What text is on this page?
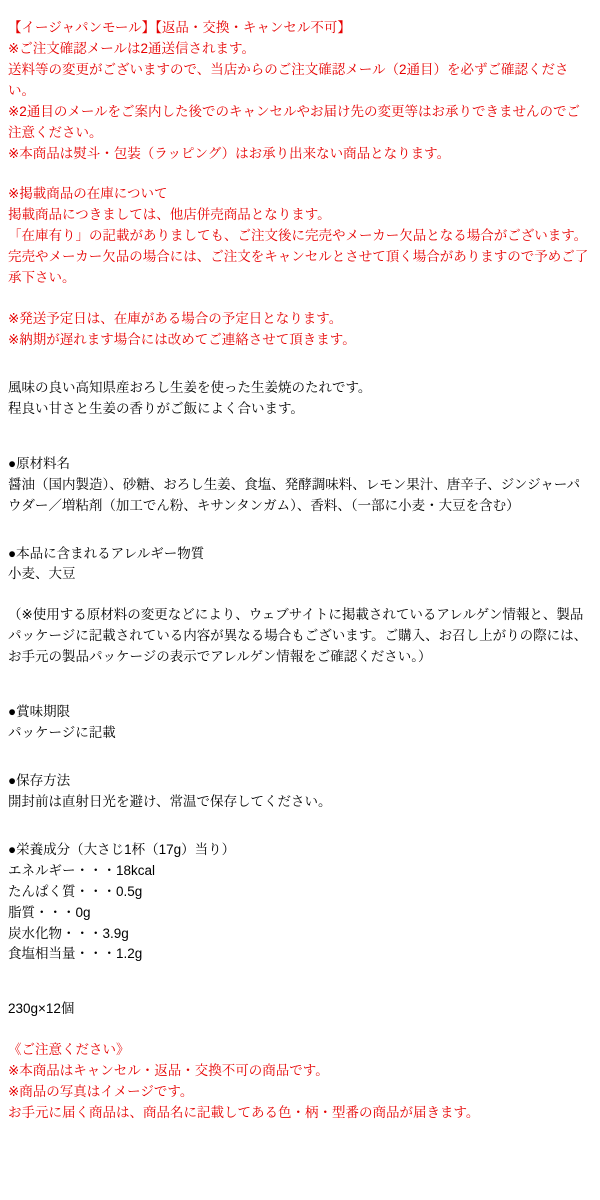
【イージャパンモール】【返品・交換・キャンセル不可】
※ご注文確認メールは2通送信されます。
送料等の変更がございますので、当店からのご注文確認メール（2通目）を必ずご確認ください。
※2通目のメールをご案内した後でのキャンセルやお届け先の変更等はお承りできませんのでご注意ください。
※本商品は熨斗・包装（ラッピング）はお承り出来ない商品となります。
※掲載商品の在庫について
掲載商品につきましては、他店併売商品となります。
「在庫有り」の記載がありましても、ご注文後に完売やメーカー欠品となる場合がございます。
完売やメーカー欠品の場合には、ご注文をキャンセルとさせて頂く場合がありますので予めご了承下さい。
※発送予定日は、在庫がある場合の予定日となります。
※納期が遅れます場合には改めてご連絡させて頂きます。
風味の良い高知県産おろし生姜を使った生姜焼のたれです。
程良い甘さと生姜の香りがご飯によく合います。
●原材料名
醤油（国内製造）、砂糖、おろし生姜、食塩、発酵調味料、レモン果汁、唐辛子、ジンジャーパウダー／増粘剤（加工でん粉、キサンタンガム）、香料、（一部に小麦・大豆を含む）
●本品に含まれるアレルギー物質
小麦、大豆
（※使用する原材料の変更などにより、ウェブサイトに掲載されているアレルゲン情報と、製品パッケージに記載されている内容が異なる場合もございます。ご購入、お召し上がりの際には、お手元の製品パッケージの表示でアレルゲン情報をご確認ください。）
●賞味期限
パッケージに記載
●保存方法
開封前は直射日光を避け、常温で保存してください。
●栄養成分（大さじ1杯（17g）当り）
エネルギー・・・18kcal
たんぱく質・・・0.5g
脂質・・・0g
炭水化物・・・3.9g
食塩相当量・・・1.2g
230g×12個
《ご注意ください》
※本商品はキャンセル・返品・交換不可の商品です。
※商品の写真はイメージです。
お手元に届く商品は、商品名に記載してある色・柄・型番の商品が届きます。
